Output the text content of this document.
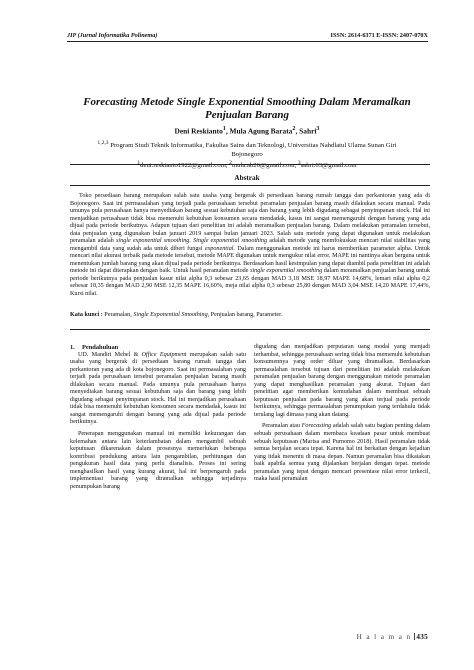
JIP (Jurnal Informatika Polinema)	ISSN: 2614-6371 E-ISSN: 2407-070X
Forecasting Metode Single Exponential Smoothing Dalam Meramalkan
Penjualan Barang
Deni Reskianto$^1$, Mula Agung Barata$^2$, Sahri$^3$
$^{1,2,3}$ Program Studi Teknik Informatika, Fakultas Sains dan Teknologi, Universitas Nahdlatul Ulama Sunan Giri
Bojonegoro
$^1$deni.reskianto1922@gmail.com, $^2$mula.ab26@gmail.com, $^3$sahri.63@gmail.com
Abstrak

Toko persediaan barang merupakan salah satu usaha yang bergerak di persediaan barang rumah tangga dan perkantoran yang ada di Bojonegoro. Saat ini permasalahan yang terjadi pada perusahaan tersebut peramalan penjualan barang masih dilakukan secara manual. Pada umunya pula perusahaan hanya menyediakan barang sesuai kebutuhan saja dan barang yang lebih digudang sebagai penyimpanan stock. Hal ini menjadikan perusahaan tidak bisa memenuhi kebutuhan konsumen secara mendadak, kasus ini sangat memengaruhi dengan barang yang ada dijual pada periode berikutnya. Adapun tujuan dari penelitian ini adalah meramalkan penjualan barang. Dalam melakukan peramalan tersebut, data penjualan yang digunakan bulan januari 2019 sampai bulan januari 2023. Salah satu metode yang dapat digunakan untuk melakukan peramalan adalah single exponential smoothing. Single exponential smoothing adalah metode yang memfokuskan mencari nilai stabilitas yang mengambil data yang sudah ada untuk diberi fungsi exponential. Dalam menggunakan metode ini harus memberikan parameter alpha. Untuk mencari nilai akurasi terbaik pada metode tersebut, metode MAPE digunakan untuk mengukur nilai error. MAPE ini nantinya akan berguna untuk menentukan jumlah barang yang akan dijual pada periode berikutnya. Berdasarkan hasil kesimpulan yang dapat diambil pada penelitian ini adalah metode ini dapat diterapkan dengan baik. Untuk hasil peramalan metode single exponential smoothing dalam meramalkan penjualan barang untuk periode berikutnya pada penjualan kasur nilai alpha 0,3 sebesar 23,65 dengan MAD 3,18 MSE 18,97 MAPE 14,68%, lemari nilai alpha 0,2 sebesar 18,35 dengan MAD 2,90 MSE 12,35 MAPE 16,60%, meja nilai alpha 0,3 sebesar 25,80 dengan MAD 3,04 MSE 14,20 MAPE 17,44%, Kursi nilai.

Kata kunci : Peramalan, Single Exponential Smoothing, Penjualan barang, Parameter.

1. Pendahuluan

UD. Mandiri Mebel & Office Equipment merupakan salah satu usaha yang bergerak di persediaan barang rumah tangga dan perkantoran yang ada di kota bojonegoro. Saat ini permasalahan yang terjadi pada perusahaan tersebut peramalan penjualan barang masih dilakukan secara manual. Pada umunya pula perusahaan hanya menyediakan barang sesuai kebutuhan saja dan barang yang lebih digudang sebagai penyimpanan stock. Hal ini menjadikan perusahaan tidak bisa memenuhi kebutuhan konsumen secara mendadak, kasus ini sangat memengaruhi dengan barang yang ada dijual pada periode berikutnya.

Penerapan menggunakan manual ini memiliki kekurangan dan kelemahan antara lain keterlambatan dalam mengambil sebuah keputusan dikarenakan dalam prosesnya memerlukan beberapa kontribusi pendukung antara lain pengambilan, perhitungan dan pengukuran hasil data yang perlu dianalisis. Proses ini sering menghasilkan hasil yang kurang akurat, hal ini berpengaruh pada implementasi barang yang diramalkan sehingga terjadinya penumpukan barang

digudang dan menjadikan perputaran uang modal yang menjadi terhambat, sehingga perusahaan sering tidak bisa memenuhi kebutuhan konsumennya yang order diluar yang diramalkan. Berdasarkan permasalahan tersebut tujuan dari penelitian ini adalah melakukan peramalan penjualan barang dengan menggunakan metode peramalan yang dapat menghasilkan peramalan yang akurat. Tujuan dari penelitian agar memberikan kemudahan dalam membuat sebuah keputusan penjualan pada barang yang akan terjual pada periode berikutnya, sehingga permasalahan penumpukan yang terdahulu tidak terulang lagi dimasa yang akan datang.

Peramalan atau Forecasting adalah salah satu bagian penting dalam sebuah perusahaan dalam membaca keadaan pasar untuk membuat sebuah keputusan (Marisa and Purnomo 2018). Hasil peramalan tidak semua berjalan secara tepat. Karena hal ini berkaitan dengan kejadian yang tidak menentu di masa depan. Namun peramalan bisa dikatakan baik apabila semua yang dijalankan berjalan dengan tepat. metode peramalan yang tepat dengan mencari presentase nilai error terkecil, maka hasil peramalan

H a l a m a n 435
